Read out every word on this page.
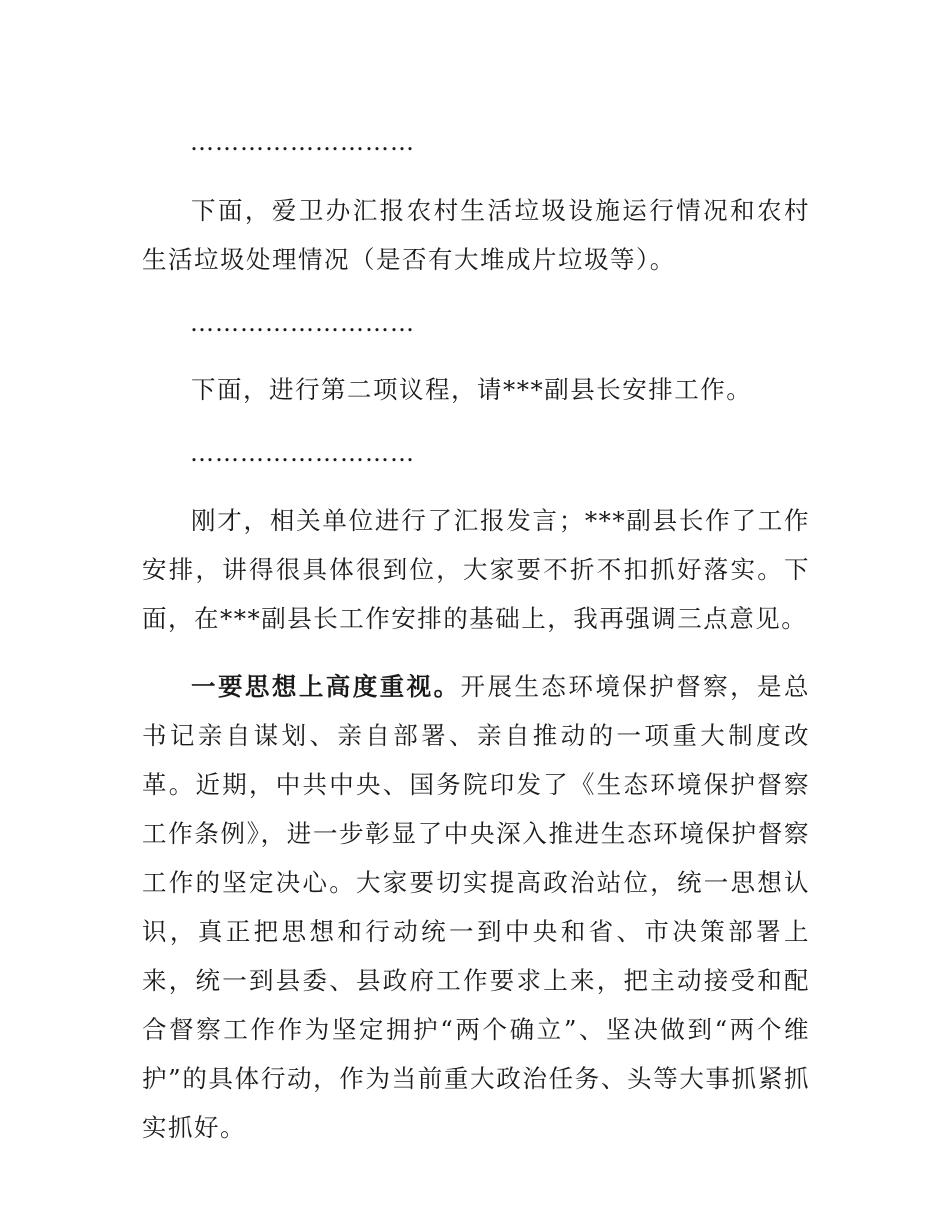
………………………

下面，爱卫办汇报农村生活垃圾设施运行情况和农村生活垃圾处理情况（是否有大堆成片垃圾等）。

………………………

下面，进行第二项议程，请***副县长安排工作。

………………………

刚才，相关单位进行了汇报发言；***副县长作了工作安排，讲得很具体很到位，大家要不折不扣抓好落实。下面，在***副县长工作安排的基础上，我再强调三点意见。

一要思想上高度重视。开展生态环境保护督察，是总书记亲自谋划、亲自部署、亲自推动的一项重大制度改革。近期，中共中央、国务院印发了《生态环境保护督察工作条例》，进一步彰显了中央深入推进生态环境保护督察工作的坚定决心。大家要切实提高政治站位，统一思想认识，真正把思想和行动统一到中央和省、市决策部署上来，统一到县委、县政府工作要求上来，把主动接受和配合督察工作作为坚定拥护“两个确立”、坚决做到“两个维护”的具体行动，作为当前重大政治任务、头等大事抓紧抓实抓好。
